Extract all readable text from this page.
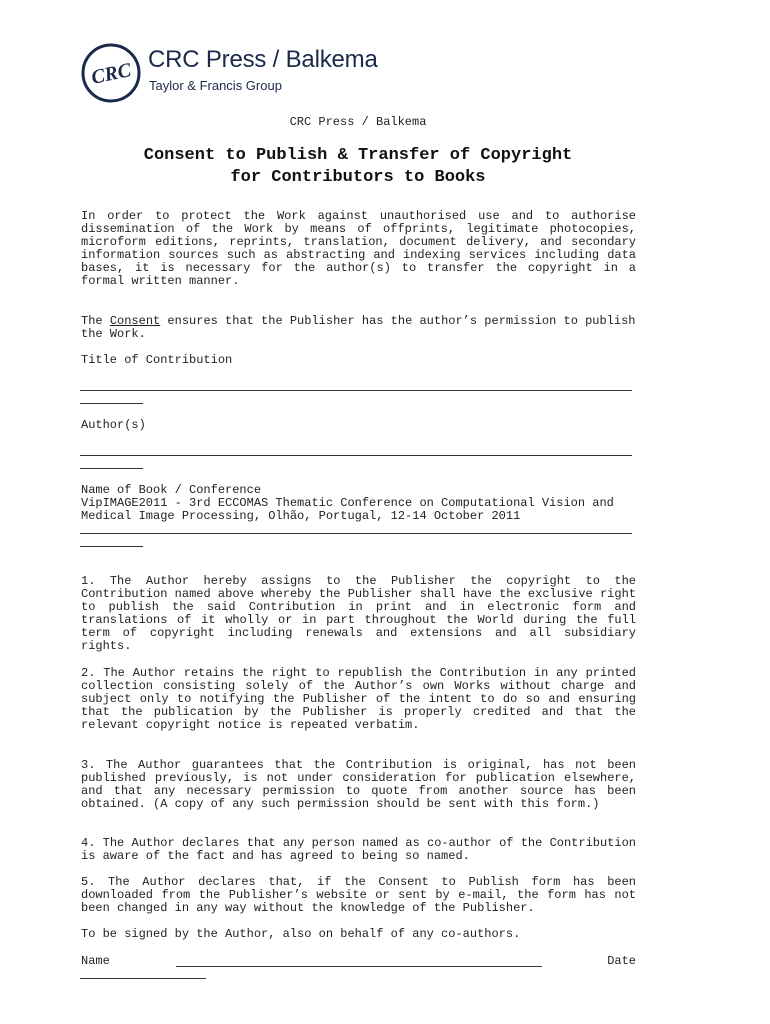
CRC CRC Press / Balkema
Taylor & Francis Group
CRC Press / Balkema
Consent to Publish & Transfer of Copyright
for Contributors to Books
In order to protect the Work against unauthorised use and to authorise dissemination of the Work by means of offprints, legitimate photocopies, microform editions, reprints, translation, document delivery, and secondary information sources such as abstracting and indexing services including data bases, it is necessary for the author(s) to transfer the copyright in a formal written manner.
The Consent ensures that the Publisher has the author’s permission to publish the Work.
Title of Contribution
Author(s)
Name of Book / Conference
VipIMAGE2011 - 3rd ECCOMAS Thematic Conference on Computational Vision and Medical Image Processing, Olhão, Portugal, 12-14 October 2011
1. The Author hereby assigns to the Publisher the copyright to the Contribution named above whereby the Publisher shall have the exclusive right to publish the said Contribution in print and in electronic form and translations of it wholly or in part throughout the World during the full term of copyright including renewals and extensions and all subsidiary rights.
2. The Author retains the right to republish the Contribution in any printed collection consisting solely of the Author’s own Works without charge and subject only to notifying the Publisher of the intent to do so and ensuring that the publication by the Publisher is properly credited and that the relevant copyright notice is repeated verbatim.
3. The Author guarantees that the Contribution is original, has not been published previously, is not under consideration for publication elsewhere, and that any necessary permission to quote from another source has been obtained. (A copy of any such permission should be sent with this form.)
4. The Author declares that any person named as co-author of the Contribution is aware of the fact and has agreed to being so named.
5. The Author declares that, if the Consent to Publish form has been downloaded from the Publisher’s website or sent by e-mail, the form has not been changed in any way without the knowledge of the Publisher.
To be signed by the Author, also on behalf of any co-authors.
Name	Date
